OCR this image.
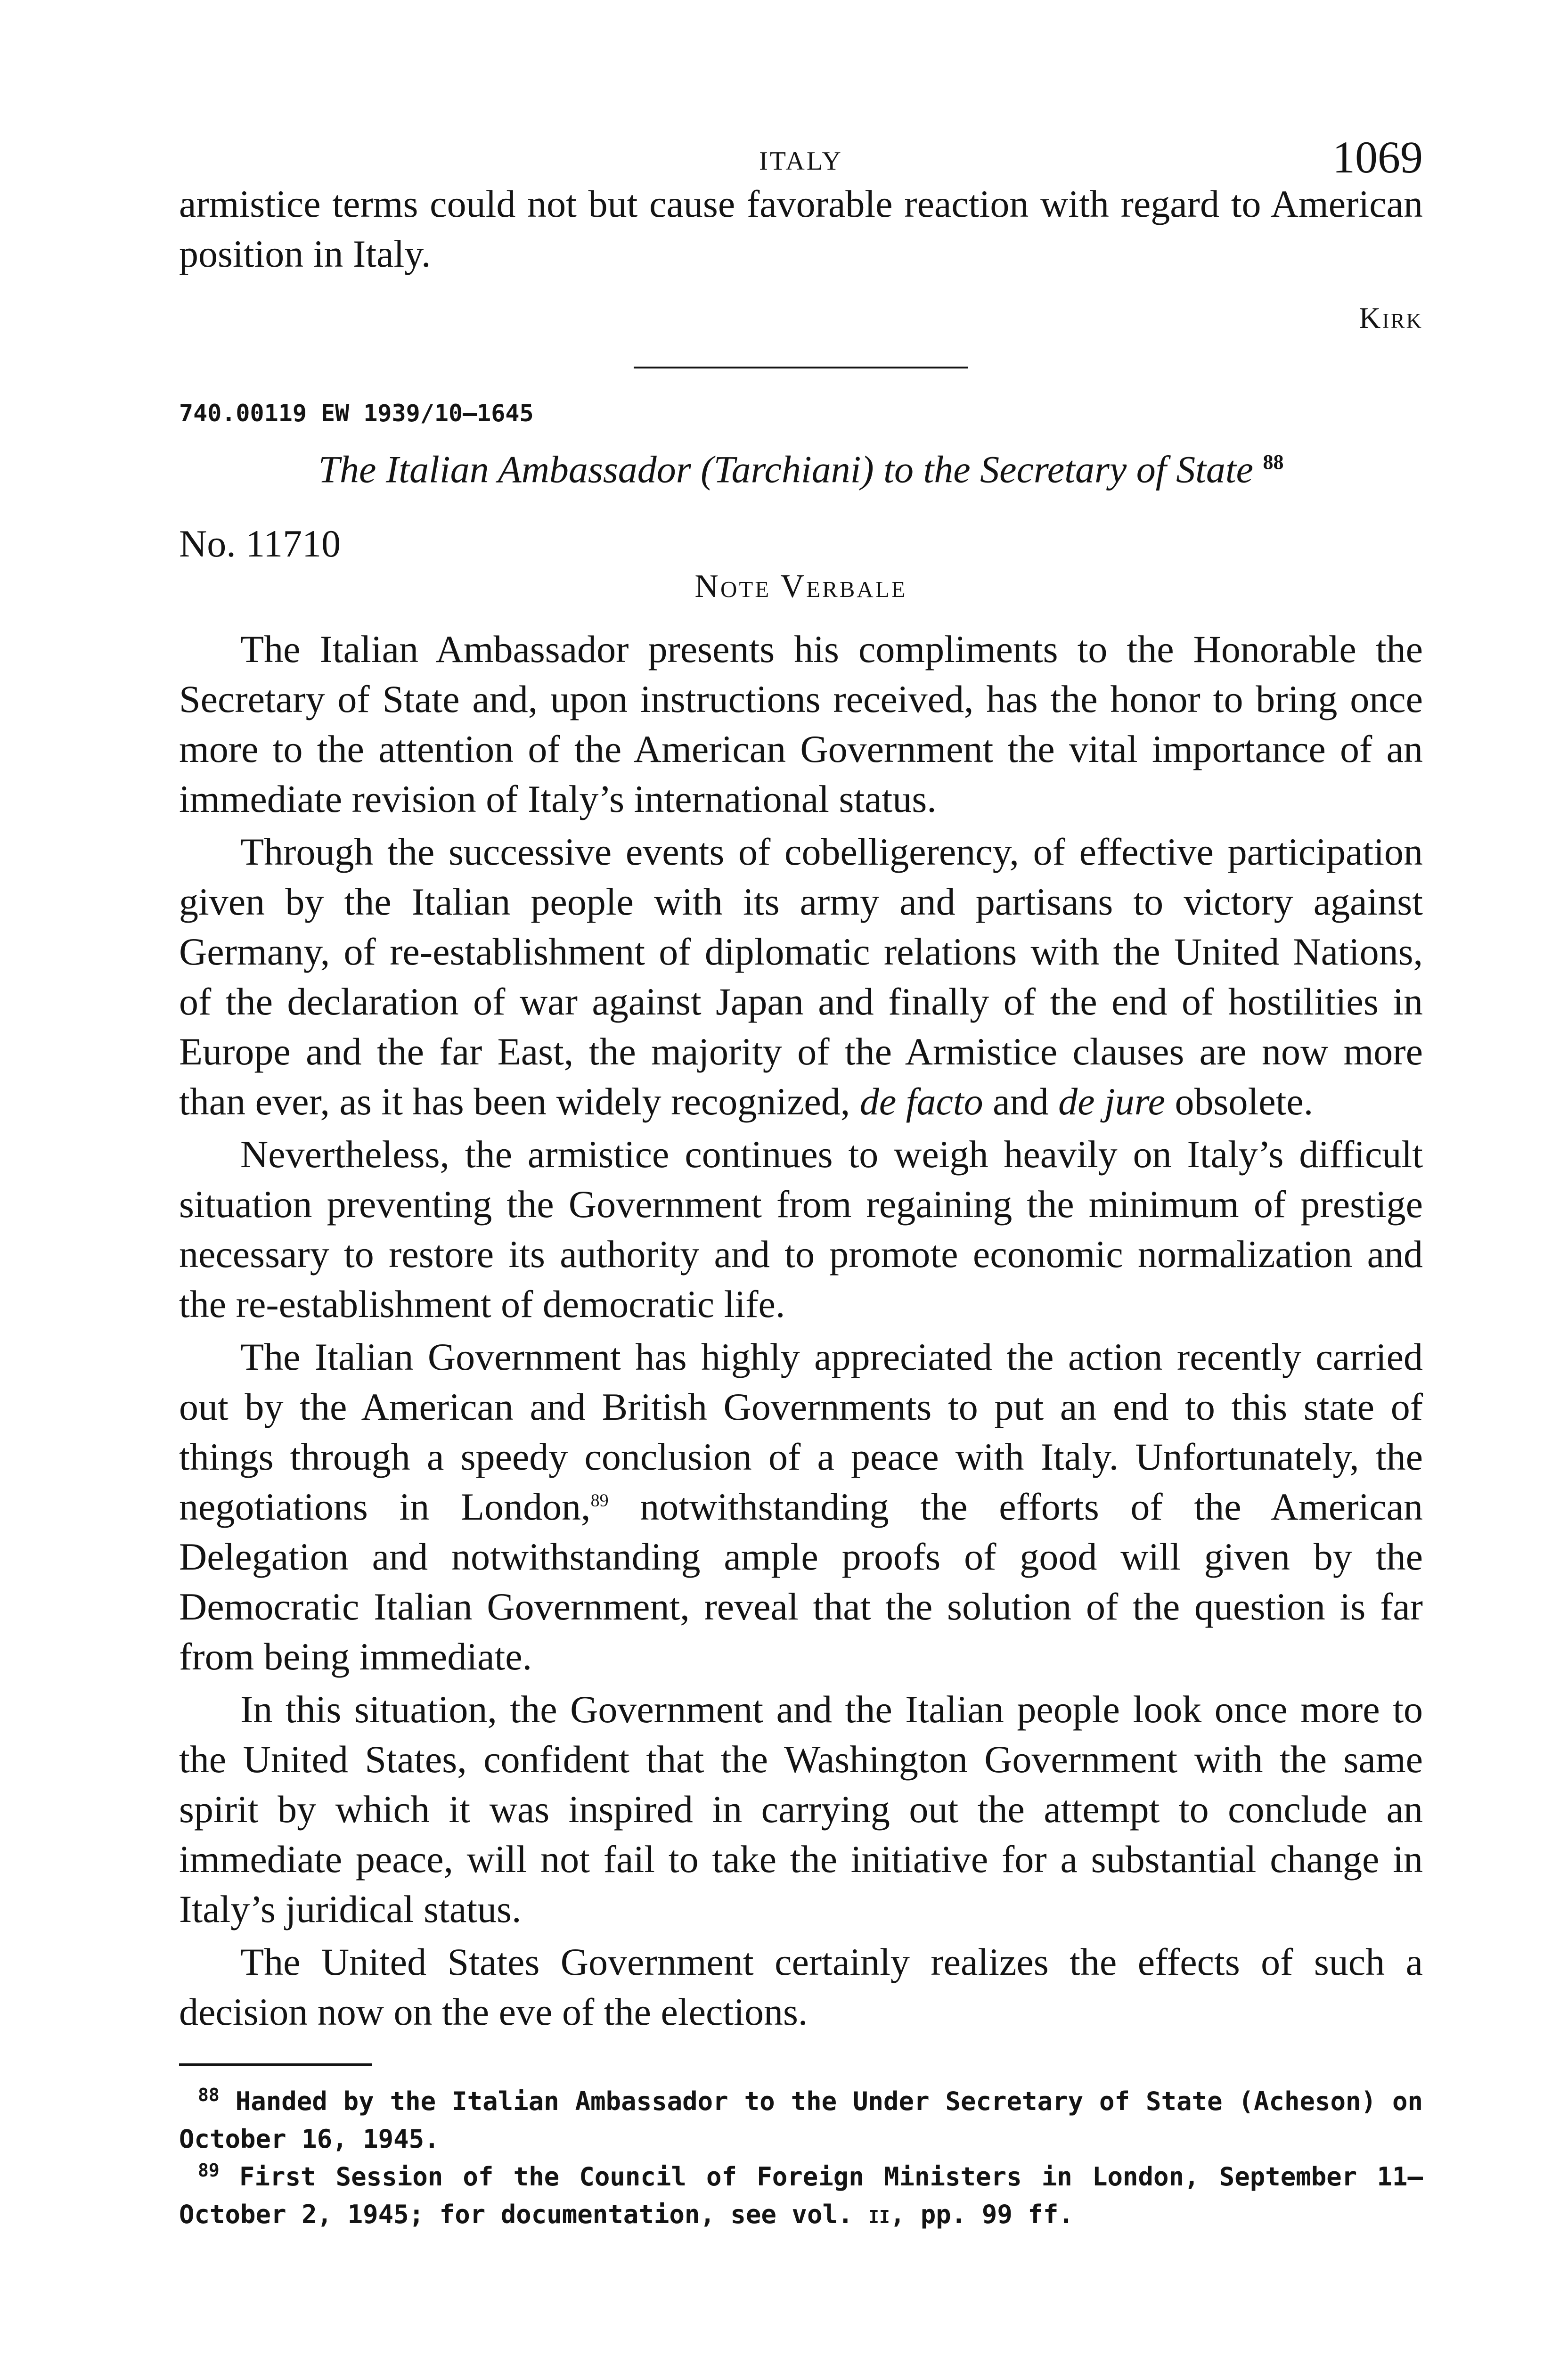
ITALY	1069

armistice terms could not but cause favorable reaction with regard to American position in Italy.

Kirk
740.00119 EW 1939/10–1645
The Italian Ambassador (Tarchiani) to the Secretary of State $^{88}$
No. 11710
Note Verbale

The Italian Ambassador presents his compliments to the Honorable the Secretary of State and, upon instructions received, has the honor to bring once more to the attention of the American Government the vital importance of an immediate revision of Italy’s international status.

Through the successive events of cobelligerency, of effective participation given by the Italian people with its army and partisans to victory against Germany, of re-establishment of diplomatic relations with the United Nations, of the declaration of war against Japan and finally of the end of hostilities in Europe and the far East, the majority of the Armistice clauses are now more than ever, as it has been widely recognized, de facto and de jure obsolete.

Nevertheless, the armistice continues to weigh heavily on Italy’s difficult situation preventing the Government from regaining the minimum of prestige necessary to restore its authority and to promote economic normalization and the re-establishment of democratic life.

The Italian Government has highly appreciated the action recently carried out by the American and British Governments to put an end to this state of things through a speedy conclusion of a peace with Italy. Unfortunately, the negotiations in London,$^{89}$ notwithstanding the efforts of the American Delegation and notwithstanding ample proofs of good will given by the Democratic Italian Government, reveal that the solution of the question is far from being immediate.

In this situation, the Government and the Italian people look once more to the United States, confident that the Washington Government with the same spirit by which it was inspired in carrying out the attempt to conclude an immediate peace, will not fail to take the initiative for a substantial change in Italy’s juridical status.

The United States Government certainly realizes the effects of such a decision now on the eve of the elections.

$^{88}$ Handed by the Italian Ambassador to the Under Secretary of State (Acheson) on October 16, 1945.
$^{89}$ First Session of the Council of Foreign Ministers in London, September 11–October 2, 1945; for documentation, see vol. ii, pp. 99 ff.
